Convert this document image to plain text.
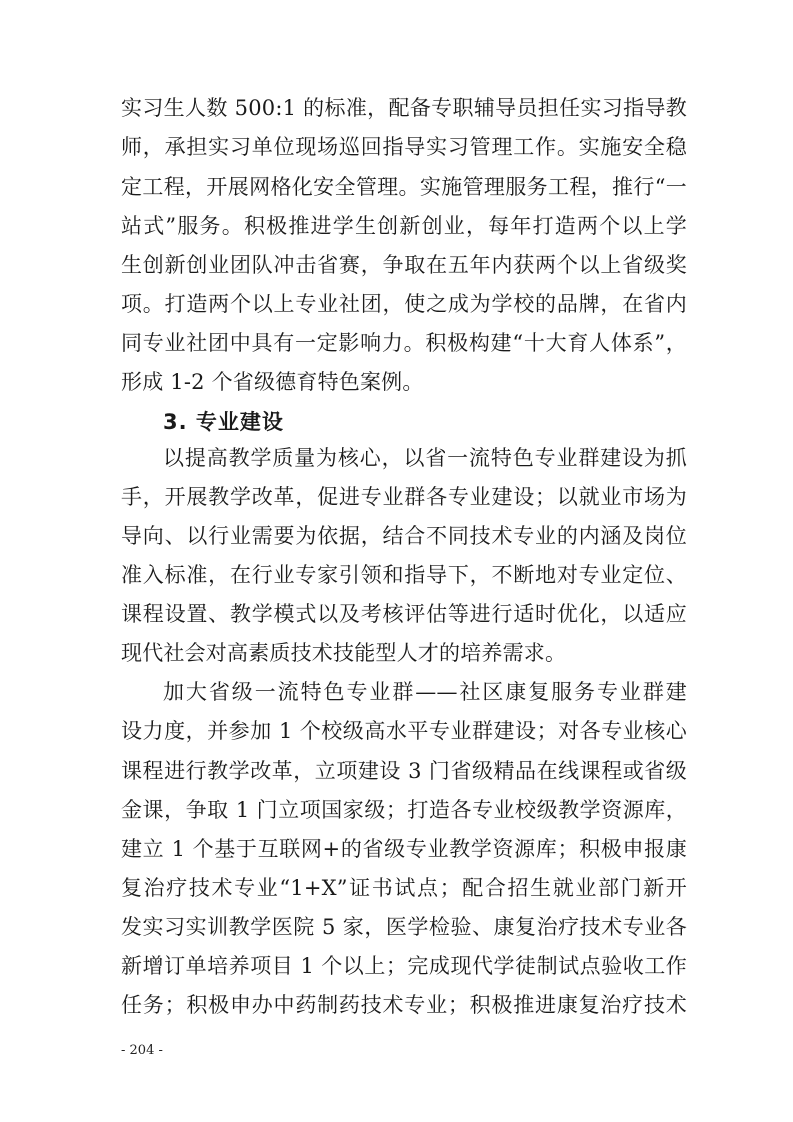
3. 专业建设
- 204 -
实习生人数 500:1 的标准，配备专职辅导员担任实习指导教
师，承担实习单位现场巡回指导实习管理工作。实施安全稳
定工程，开展网格化安全管理。实施管理服务工程，推行“一
站式”服务。积极推进学生创新创业，每年打造两个以上学
生创新创业团队冲击省赛，争取在五年内获两个以上省级奖
项。打造两个以上专业社团，使之成为学校的品牌，在省内
同专业社团中具有一定影响力。积极构建“十大育人体系”，
形成 1-2 个省级德育特色案例。
以提高教学质量为核心，以省一流特色专业群建设为抓
手，开展教学改革，促进专业群各专业建设；以就业市场为
导向、以行业需要为依据，结合不同技术专业的内涵及岗位
准入标准，在行业专家引领和指导下，不断地对专业定位、
课程设置、教学模式以及考核评估等进行适时优化，以适应
现代社会对高素质技术技能型人才的培养需求。
加大省级一流特色专业群——社区康复服务专业群建
设力度，并参加 1 个校级高水平专业群建设；对各专业核心
课程进行教学改革，立项建设 3 门省级精品在线课程或省级
金课，争取 1 门立项国家级；打造各专业校级教学资源库，
建立 1 个基于互联网+的省级专业教学资源库；积极申报康
复治疗技术专业“1+X”证书试点；配合招生就业部门新开
发实习实训教学医院 5 家，医学检验、康复治疗技术专业各
新增订单培养项目 1 个以上；完成现代学徒制试点验收工作
任务；积极申办中药制药技术专业；积极推进康复治疗技术
